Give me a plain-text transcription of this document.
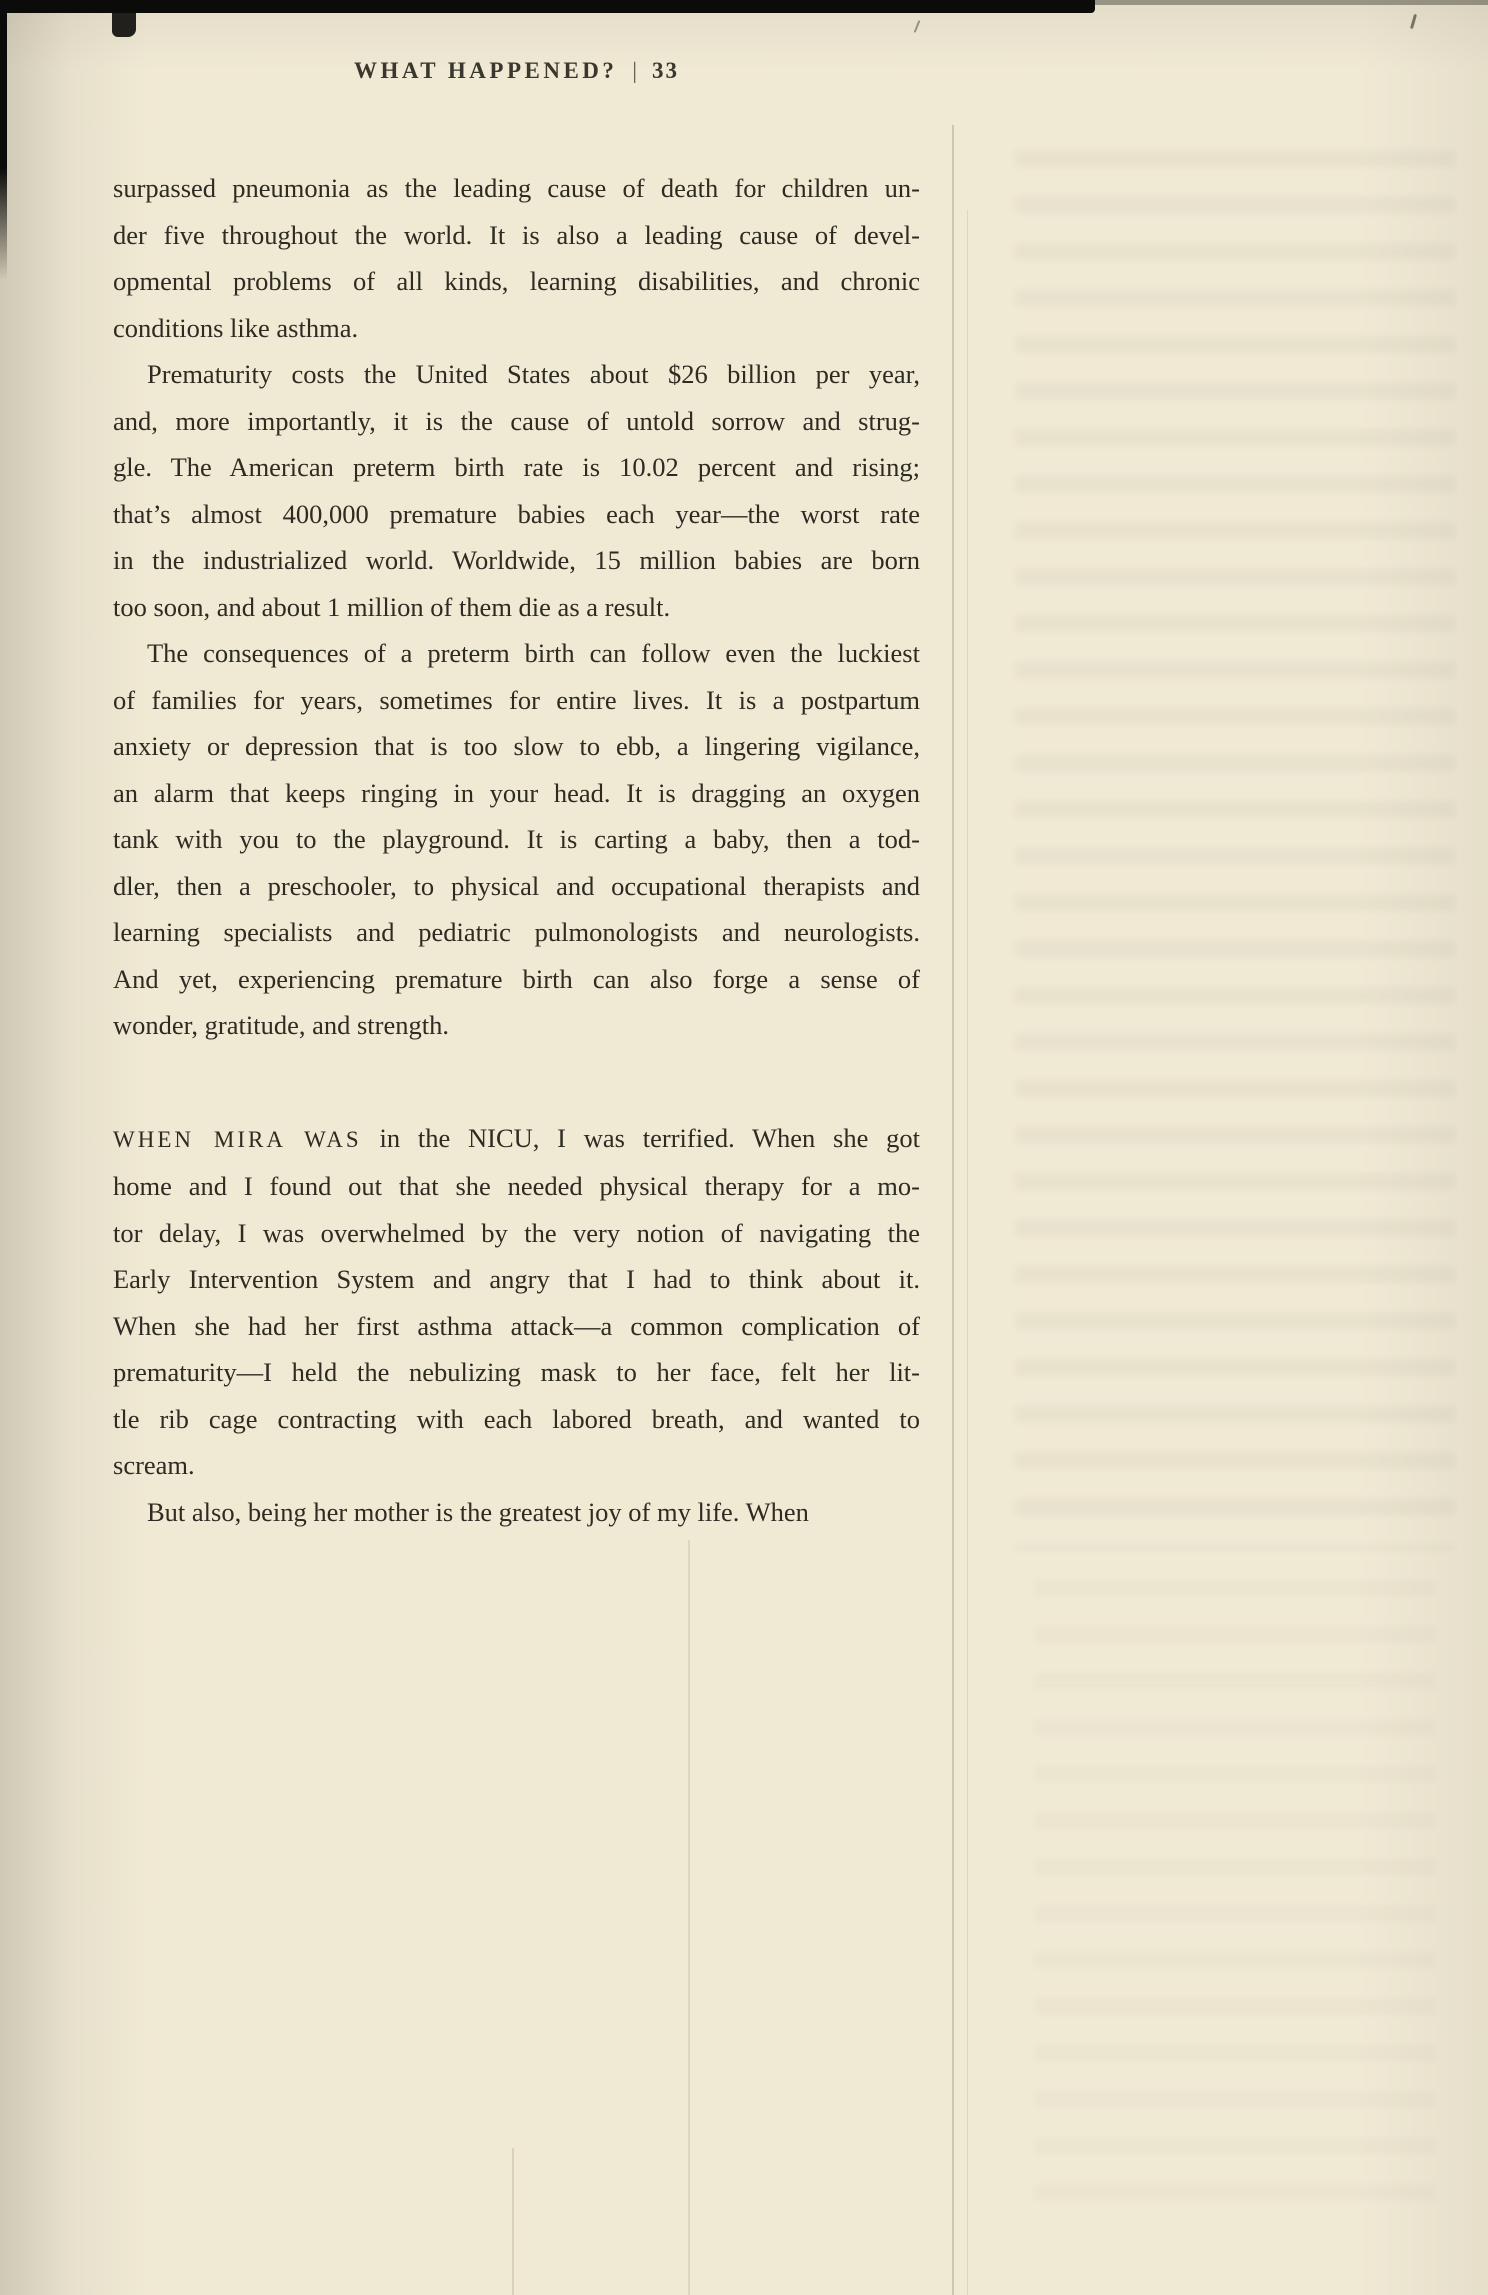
WHAT HAPPENED? | 33
surpassed pneumonia as the leading cause of death for children un-
der five throughout the world. It is also a leading cause of devel-
opmental problems of all kinds, learning disabilities, and chronic
conditions like asthma.
Prematurity costs the United States about $26 billion per year,
and, more importantly, it is the cause of untold sorrow and strug-
gle. The American preterm birth rate is 10.02 percent and rising;
that’s almost 400,000 premature babies each year—the worst rate
in the industrialized world. Worldwide, 15 million babies are born
too soon, and about 1 million of them die as a result.
The consequences of a preterm birth can follow even the luckiest
of families for years, sometimes for entire lives. It is a postpartum
anxiety or depression that is too slow to ebb, a lingering vigilance,
an alarm that keeps ringing in your head. It is dragging an oxygen
tank with you to the playground. It is carting a baby, then a tod-
dler, then a preschooler, to physical and occupational therapists and
learning specialists and pediatric pulmonologists and neurologists.
And yet, experiencing premature birth can also forge a sense of
wonder, gratitude, and strength.
WHEN MIRA WAS in the NICU, I was terrified. When she got
home and I found out that she needed physical therapy for a mo-
tor delay, I was overwhelmed by the very notion of navigating the
Early Intervention System and angry that I had to think about it.
When she had her first asthma attack—a common complication of
prematurity—I held the nebulizing mask to her face, felt her lit-
tle rib cage contracting with each labored breath, and wanted to
scream.
But also, being her mother is the greatest joy of my life. When
